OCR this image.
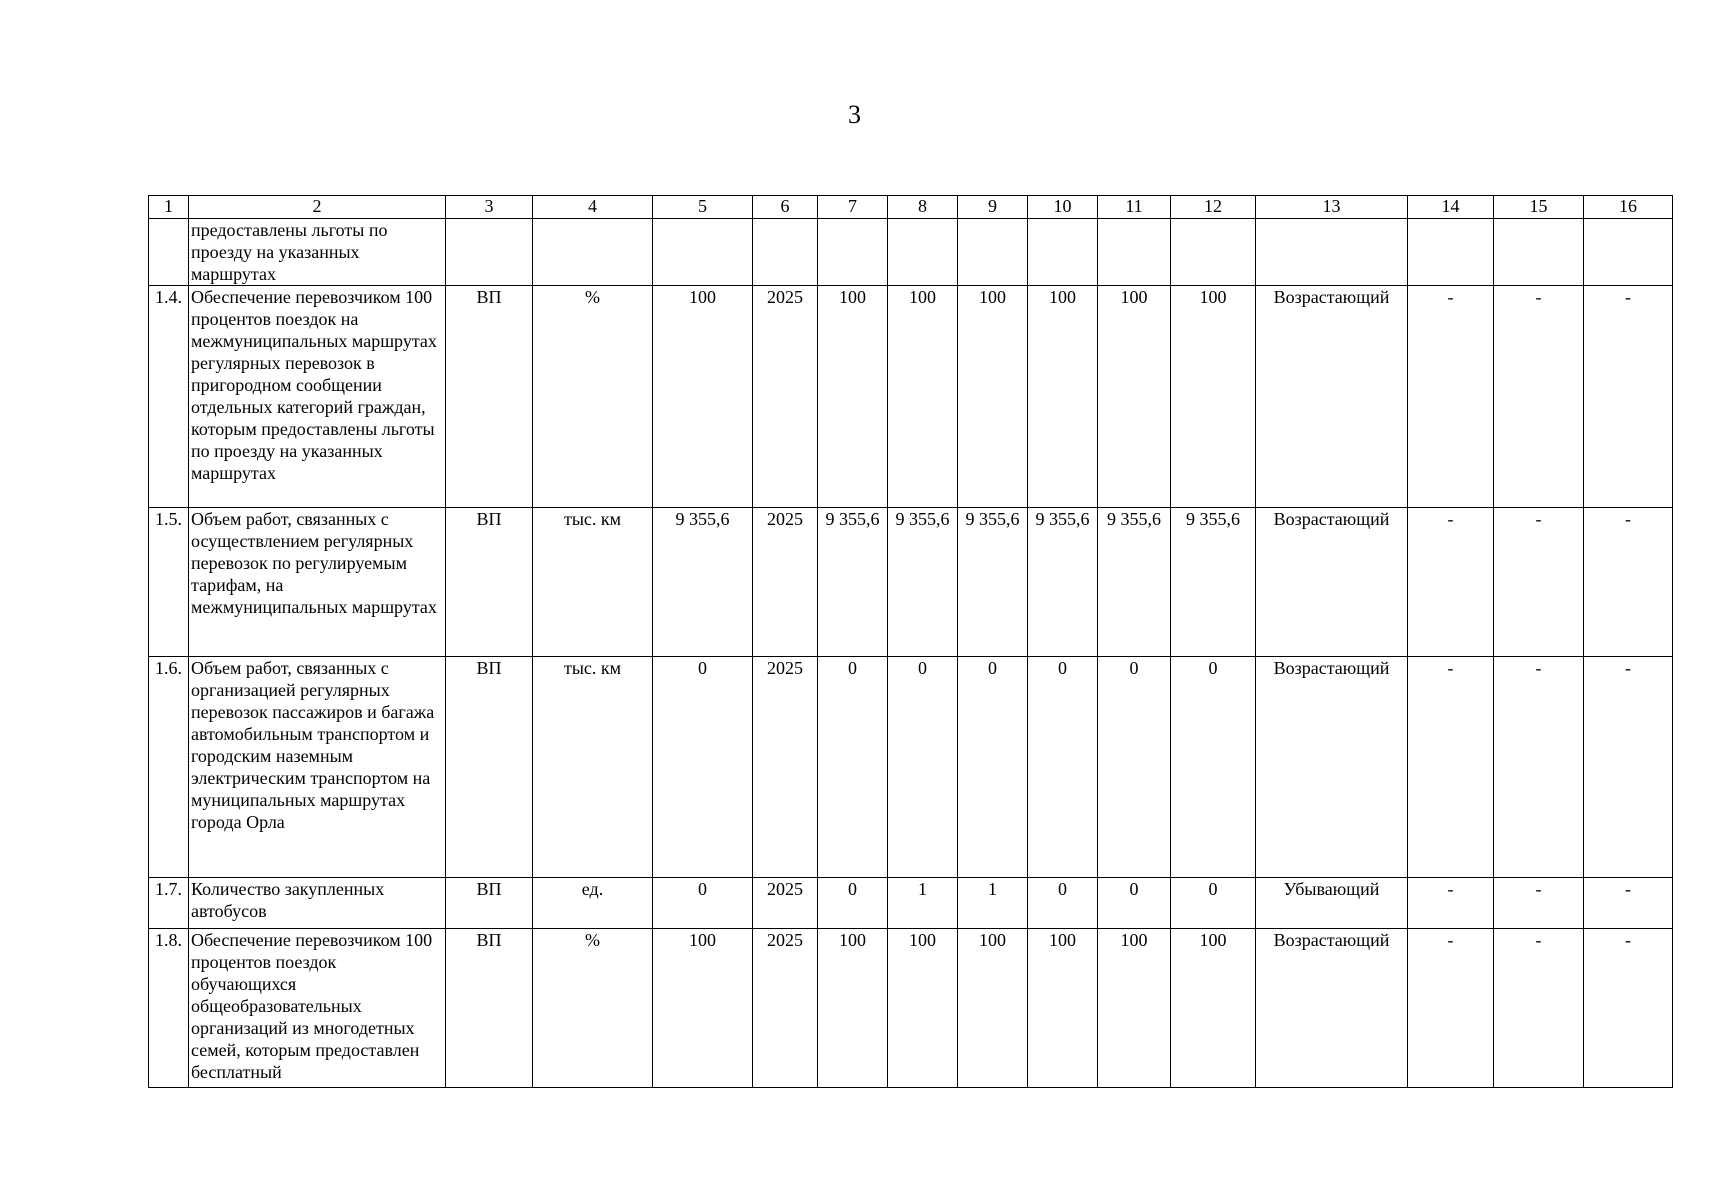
3
1	2	3	4	5	6	7	8	9	10	11	12	13	14	15	16
	предоставлены льготы по проезду на указанных маршрутах														
1.4.	Обеспечение перевозчиком 100 процентов поездок на межмуниципальных маршрутах регулярных перевозок в пригородном сообщении отдельных категорий граждан, которым предоставлены льготы по проезду на указанных маршрутах	ВП	%	100	2025	100	100	100	100	100	100	Возрастающий	-	-	-
1.5.	Объем работ, связанных с осуществлением регулярных перевозок по регулируемым тарифам, на межмуниципальных маршрутах	ВП	тыс. км	9 355,6	2025	9 355,6	9 355,6	9 355,6	9 355,6	9 355,6	9 355,6	Возрастающий	-	-	-
1.6.	Объем работ, связанных с организацией регулярных перевозок пассажиров и багажа автомобильным транспортом и городским наземным электрическим транспортом на муниципальных маршрутах города Орла	ВП	тыс. км	0	2025	0	0	0	0	0	0	Возрастающий	-	-	-
1.7.	Количество закупленных автобусов	ВП	ед.	0	2025	0	1	1	0	0	0	Убывающий	-	-	-
1.8.	Обеспечение перевозчиком 100 процентов поездок обучающихся общеобразовательных организаций из многодетных семей, которым предоставлен бесплатный	ВП	%	100	2025	100	100	100	100	100	100	Возрастающий	-	-	-
